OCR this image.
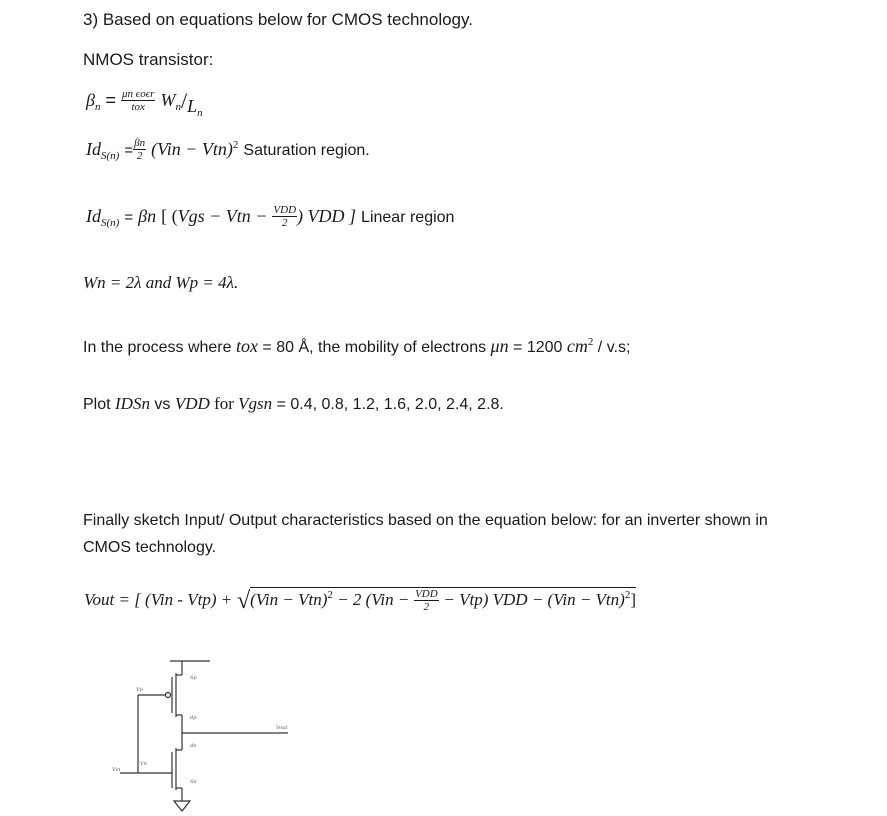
3) Based on equations below for CMOS technology.
NMOS transistor:
$\beta_n = \frac{\text{μn ϵoϵr}}{\text{tox}} W_n/L_n$
$Id_{S(n)} = \frac{\beta n}{2} (Vin - Vtn)^2$ Saturation region.
$Id_{S(n)} = \beta n$ [ (Vgs − Vtn − $\frac{\text{VDD}}{2}$ ) VDD ] Linear region
Wn = 2λ and Wp = 4λ.
In the process where tox = 80 Å, the mobility of electrons μn = 1200 $cm^2 / v.s$;
Plot IDSn vs VDD for Vgsn = 0.4, 0.8, 1.2, 1.6, 2.0, 2.4, 2.8.
Finally sketch Input/ Output characteristics based on the equation below: for an inverter shown in
CMOS technology.
Vout = [ (Vin - Vtp) + √(Vin − Vtn)$^2$ − 2 $(Vin - \frac{\text{VDD}}{2} - Vtp)$ VDD − (Vin − Vtn)$^2$]
Sp
dp
dn
Sn
Vp
Vn
Vin
Vout
